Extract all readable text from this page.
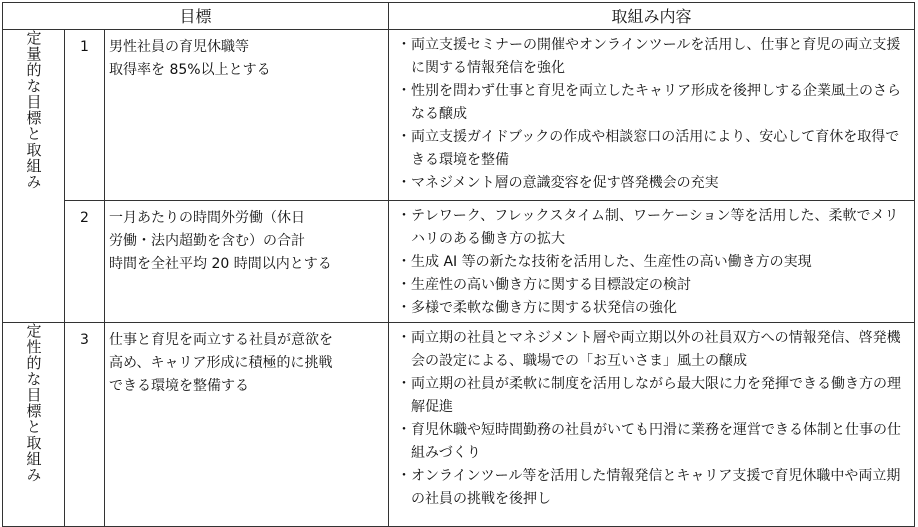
目標			取組み内容

定量的な目標と取組み	1	男性社員の育児休職等
取得率を 85%以上とする	・ 両立支援セミナーの開催やオンラインツールを活用し、仕事と育児の両立支援に関する情報発信を強化
・ 性別を問わず仕事と育児を両立したキャリア形成を後押しする企業風土のさらなる醸成
・ 両立支援ガイドブックの作成や相談窓口の活用により、安心して育休を取得できる環境を整備
・ マネジメント層の意識変容を促す啓発機会の充実

	2	一月あたりの時間外労働（休日
労働・法内超勤を含む）の合計
時間を全社平均 20 時間以内とする	・ テレワーク、フレックスタイム制、ワーケーション等を活用した、柔軟でメリハリのある働き方の拡大
・ 生成 AI 等の新たな技術を活用した、生産性の高い働き方の実現
・ 生産性の高い働き方に関する目標設定の検討
・ 多様で柔軟な働き方に関する状発信の強化

定性的な目標と取組み	3	仕事と育児を両立する社員が意欲を
高め、キャリア形成に積極的に挑戦
できる環境を整備する	・ 両立期の社員とマネジメント層や両立期以外の社員双方への情報発信、啓発機会の設定による、職場での「お互いさま」風土の醸成
・ 両立期の社員が柔軟に制度を活用しながら最大限に力を発揮できる働き方の理解促進
・ 育児休職や短時間勤務の社員がいても円滑に業務を運営できる体制と仕事の仕組みづくり
・ オンラインツール等を活用した情報発信とキャリア支援で育児休職中や両立期の社員の挑戦を後押し
